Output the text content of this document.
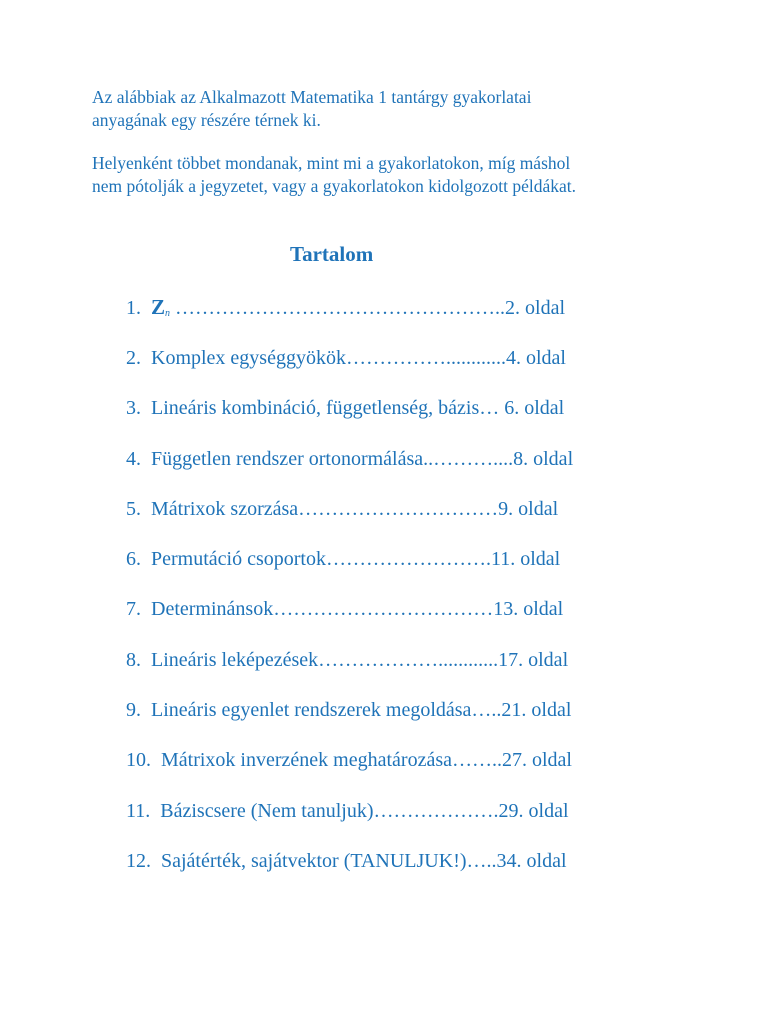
Az alábbiak az Alkalmazott Matematika 1 tantárgy gyakorlatai
anyagának egy részére térnek ki.

Helyenként többet mondanak, mint mi a gyakorlatokon, míg máshol
nem pótolják a jegyzetet, vagy a gyakorlatokon kidolgozott példákat.

Tartalom
1. Zn …………………………………………..2. oldal
2. Komplex egységgyökök……………............4. oldal
3. Lineáris kombináció, függetlenség, bázis… 6. oldal
4. Független rendszer ortonormálása..………....8. oldal
5. Mátrixok szorzása…………………………9. oldal
6.  Permutáció csoportok…………………….11. oldal
7. Determinánsok……………………………13. oldal
8. Lineáris leképezések………………............17. oldal
9. Lineáris egyenlet rendszerek megoldása…..21. oldal
10. Mátrixok inverzének meghatározása……..27. oldal
11. Báziscsere (Nem tanuljuk)……………….29. oldal
12. Sajátérték, sajátvektor (TANULJUK!)…..34. oldal
